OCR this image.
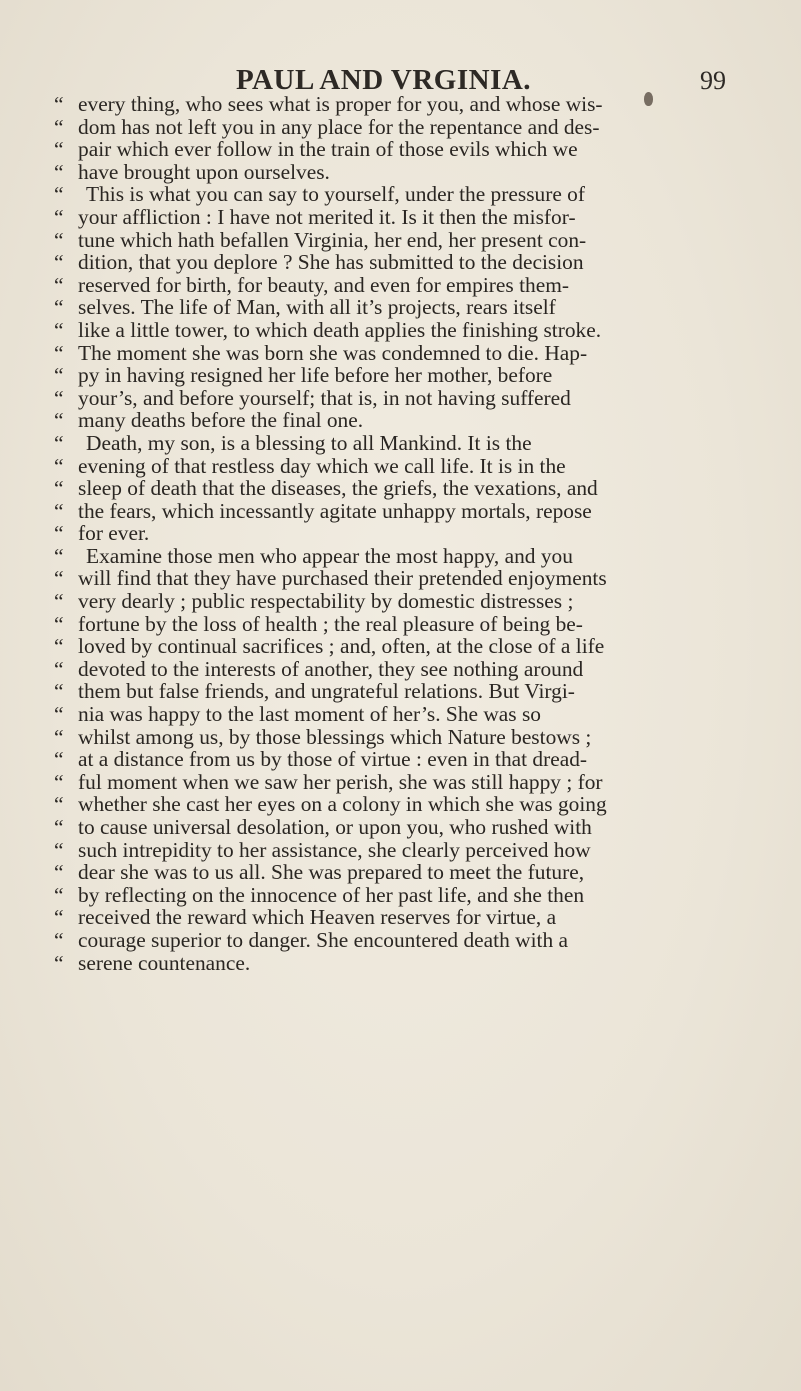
PAUL AND VRGINIA.	99
“ every thing, who sees what is proper for you, and whose wis-
“ dom has not left you in any place for the repentance and des-
“ pair which ever follow in the train of those evils which we
“ have brought upon ourselves.
“ This is what you can say to yourself, under the pressure of
“ your affliction : I have not merited it. Is it then the misfor-
“ tune which hath befallen Virginia, her end, her present con-
“ dition, that you deplore ? She has submitted to the decision
“ reserved for birth, for beauty, and even for empires them-
“ selves. The life of Man, with all it’s projects, rears itself
“ like a little tower, to which death applies the finishing stroke.
“ The moment she was born she was condemned to die. Hap-
“ py in having resigned her life before her mother, before
“ your’s, and before yourself; that is, in not having suffered
“ many deaths before the final one.
“ Death, my son, is a blessing to all Mankind. It is the
“ evening of that restless day which we call life. It is in the
“ sleep of death that the diseases, the griefs, the vexations, and
“ the fears, which incessantly agitate unhappy mortals, repose
“ for ever.
“ Examine those men who appear the most happy, and you
“ will find that they have purchased their pretended enjoyments
“ very dearly ; public respectability by domestic distresses ;
“ fortune by the loss of health ; the real pleasure of being be-
“ loved by continual sacrifices ; and, often, at the close of a life
“ devoted to the interests of another, they see nothing around
“ them but false friends, and ungrateful relations. But Virgi-
“ nia was happy to the last moment of her’s. She was so
“ whilst among us, by those blessings which Nature bestows ;
“ at a distance from us by those of virtue : even in that dread-
“ ful moment when we saw her perish, she was still happy ; for
“ whether she cast her eyes on a colony in which she was going
“ to cause universal desolation, or upon you, who rushed with
“ such intrepidity to her assistance, she clearly perceived how
“ dear she was to us all. She was prepared to meet the future,
“ by reflecting on the innocence of her past life, and she then
“ received the reward which Heaven reserves for virtue, a
“ courage superior to danger. She encountered death with a
“ serene countenance.
